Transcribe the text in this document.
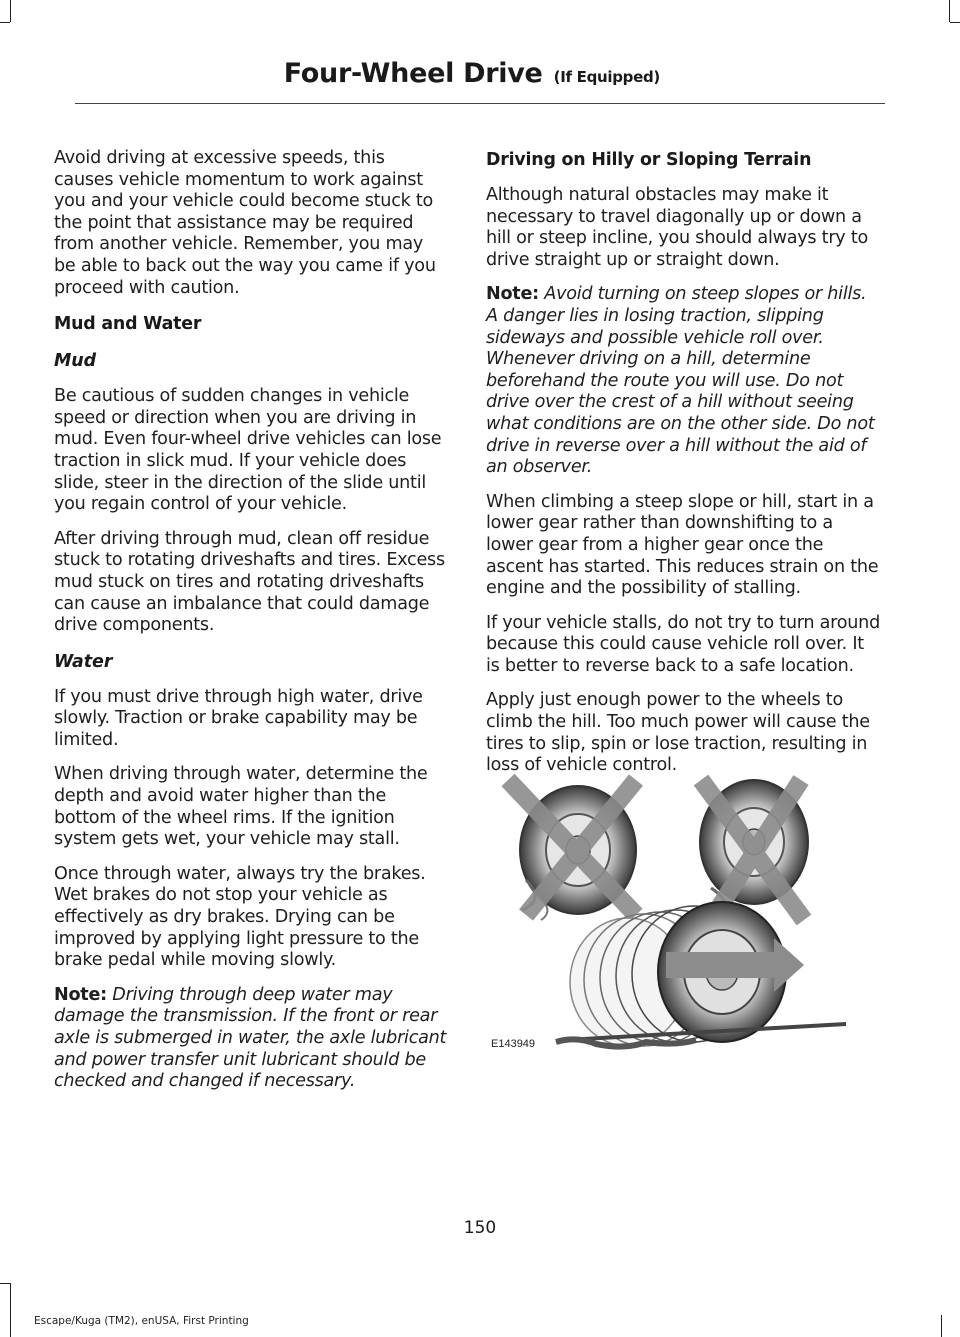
Four-Wheel Drive (If Equipped)

Avoid driving at excessive speeds, this causes vehicle momentum to work against you and your vehicle could become stuck to the point that assistance may be required from another vehicle. Remember, you may be able to back out the way you came if you proceed with caution.

Mud and Water
Mud

Be cautious of sudden changes in vehicle speed or direction when you are driving in mud. Even four-wheel drive vehicles can lose traction in slick mud. If your vehicle does slide, steer in the direction of the slide until you regain control of your vehicle.

After driving through mud, clean off residue stuck to rotating driveshafts and tires. Excess mud stuck on tires and rotating driveshafts can cause an imbalance that could damage drive components.

Water

If you must drive through high water, drive slowly. Traction or brake capability may be limited.

When driving through water, determine the depth and avoid water higher than the bottom of the wheel rims. If the ignition system gets wet, your vehicle may stall.

Once through water, always try the brakes. Wet brakes do not stop your vehicle as effectively as dry brakes. Drying can be improved by applying light pressure to the brake pedal while moving slowly.

Note: Driving through deep water may damage the transmission. If the front or rear axle is submerged in water, the axle lubricant and power transfer unit lubricant should be checked and changed if necessary.

Driving on Hilly or Sloping Terrain

Although natural obstacles may make it necessary to travel diagonally up or down a hill or steep incline, you should always try to drive straight up or straight down.

Note: Avoid turning on steep slopes or hills. A danger lies in losing traction, slipping sideways and possible vehicle roll over. Whenever driving on a hill, determine beforehand the route you will use. Do not drive over the crest of a hill without seeing what conditions are on the other side. Do not drive in reverse over a hill without the aid of an observer.

When climbing a steep slope or hill, start in a lower gear rather than downshifting to a lower gear from a higher gear once the ascent has started. This reduces strain on the engine and the possibility of stalling.

If your vehicle stalls, do not try to turn around because this could cause vehicle roll over. It is better to reverse back to a safe location.

Apply just enough power to the wheels to climb the hill. Too much power will cause the tires to slip, spin or lose traction, resulting in loss of vehicle control.

E143949
150
Escape/Kuga (TM2), enUSA, First Printing
